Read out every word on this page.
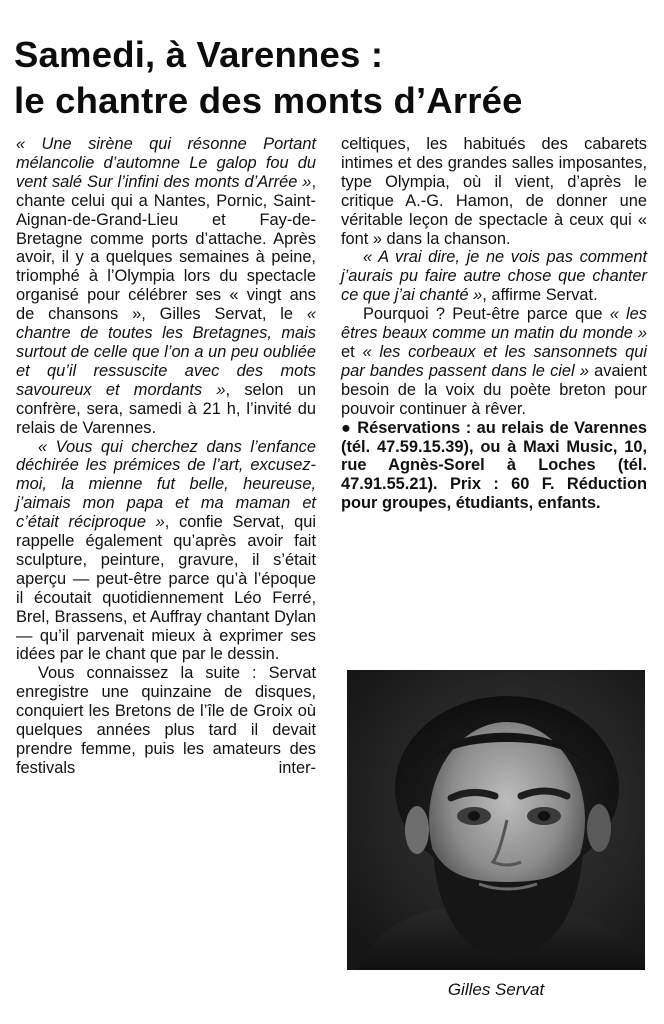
Samedi, à Varennes :
le chantre des monts d’Arrée

« Une sirène qui résonne Portant mélancolie d’automne Le galop fou du vent salé Sur l’infini des monts d’Arrée », chante celui qui a Nantes, Pornic, Saint-Aignan-de-Grand-Lieu et Fay-de-Bretagne comme ports d’attache. Après avoir, il y a quelques semaines à peine, triomphé à l’Olympia lors du spectacle organisé pour célébrer ses « vingt ans de chansons », Gilles Servat, le « chantre de toutes les Bretagnes, mais surtout de celle que l’on a un peu oubliée et qu’il ressuscite avec des mots savoureux et mordants », selon un confrère, sera, samedi à 21 h, l’invité du relais de Varennes.

« Vous qui cherchez dans l’enfance déchirée les prémices de l’art, excusez-moi, la mienne fut belle, heureuse, j’aimais mon papa et ma maman et c’était réciproque », confie Servat, qui rappelle également qu’après avoir fait sculpture, peinture, gravure, il s’était aperçu — peut-être parce qu’à l’époque il écoutait quotidiennement Léo Ferré, Brel, Brassens, et Auffray chantant Dylan — qu’il parvenait mieux à exprimer ses idées par le chant que par le dessin.

Vous connaissez la suite : Servat enregistre une quinzaine de disques, conquiert les Bretons de l’île de Groix où quelques années plus tard il devait prendre femme, puis les amateurs des festivals inter-

celtiques, les habitués des cabarets intimes et des grandes salles imposantes, type Olympia, où il vient, d’après le critique A.-G. Hamon, de donner une véritable leçon de spectacle à ceux qui « font » dans la chanson.

« A vrai dire, je ne vois pas comment j’aurais pu faire autre chose que chanter ce que j’ai chanté », affirme Servat.

Pourquoi ? Peut-être parce que « les êtres beaux comme un matin du monde » et « les corbeaux et les sansonnets qui par bandes passent dans le ciel » avaient besoin de la voix du poète breton pour pouvoir continuer à rêver.

● Réservations : au relais de Varennes (tél. 47.59.15.39), ou à Maxi Music, 10, rue Agnès-Sorel à Loches (tél. 47.91.55.21). Prix : 60 F. Réduction pour groupes, étudiants, enfants.

Gilles Servat
